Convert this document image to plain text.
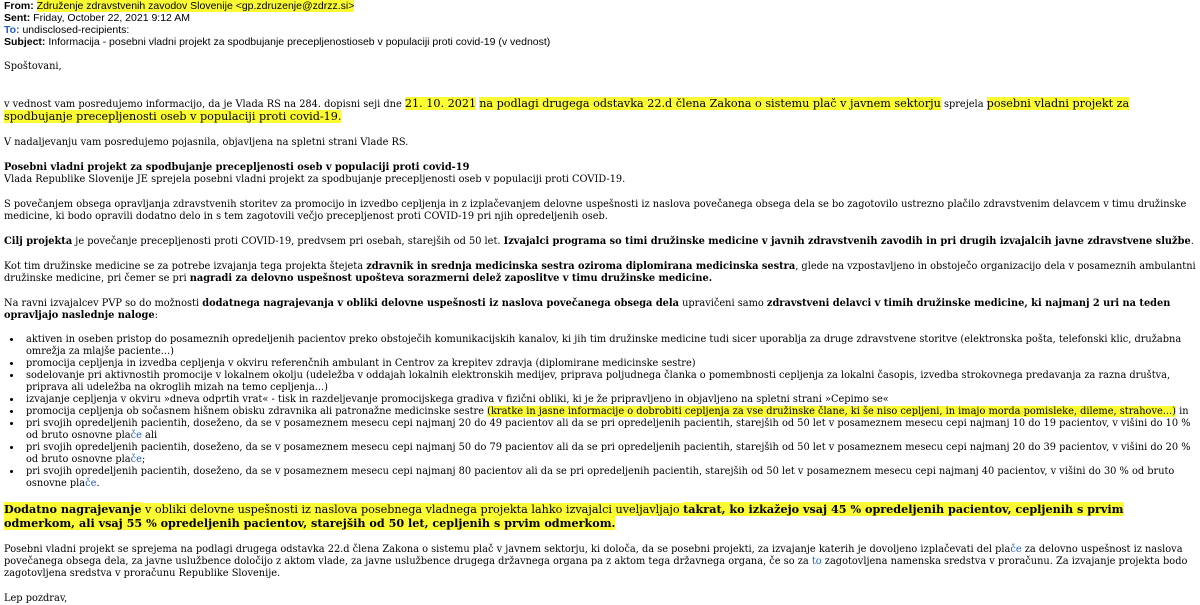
From: Združenje zdravstvenih zavodov Slovenije <gp.zdruzenje@zdrzz.si>
Sent: Friday, October 22, 2021 9:12 AM
To: undisclosed-recipients:
Subject: Informacija - posebni vladni projekt za spodbujanje precepljenostioseb v populaciji proti covid-19 (v vednost)

Spoštovani,

v vednost vam posredujemo informacijo, da je Vlada RS na 284. dopisni seji dne 21. 10. 2021 na podlagi drugega odstavka 22.d člena Zakona o sistemu plač v javnem sektorju sprejela posebni vladni projekt za spodbujanje precepljenosti oseb v populaciji proti covid-19.

V nadaljevanju vam posredujemo pojasnila, objavljena na spletni strani Vlade RS.

Posebni vladni projekt za spodbujanje precepljenosti oseb v populaciji proti covid-19

Vlada Republike Slovenije JE sprejela posebni vladni projekt za spodbujanje precepljenosti oseb v populaciji proti COVID-19.

S povečanjem obsega opravljanja zdravstvenih storitev za promocijo in izvedbo cepljenja in z izplačevanjem delovne uspešnosti iz naslova povečanega obsega dela se bo zagotovilo ustrezno plačilo zdravstvenim delavcem v timu družinske medicine, ki bodo opravili dodatno delo in s tem zagotovili večjo precepljenost proti COVID-19 pri njih opredeljenih oseb.

Cilj projekta je povečanje precepljenosti proti COVID-19, predvsem pri osebah, starejših od 50 let. Izvajalci programa so timi družinske medicine v javnih zdravstvenih zavodih in pri drugih izvajalcih javne zdravstvene službe.

Kot tim družinske medicine se za potrebe izvajanja tega projekta štejeta zdravnik in srednja medicinska sestra oziroma diplomirana medicinska sestra, glede na vzpostavljeno in obstoječo organizacijo dela v posameznih ambulantni družinske medicine, pri čemer se pri nagradi za delovno uspešnost upošteva sorazmerni delež zaposlitve v timu družinske medicine.

Na ravni izvajalcev PVP so do možnosti dodatnega nagrajevanja v obliki delovne uspešnosti iz naslova povečanega obsega dela upravičeni samo zdravstveni delavci v timih družinske medicine, ki najmanj 2 uri na teden opravljajo naslednje naloge:

• aktiven in oseben pristop do posameznih opredeljenih pacientov preko obstoječih komunikacijskih kanalov, ki jih tim družinske medicine tudi sicer uporablja za druge zdravstvene storitve (elektronska pošta, telefonski klic, družabna omrežja za mlajše paciente...)
• promocija cepljenja in izvedba cepljenja v okviru referenčnih ambulant in Centrov za krepitev zdravja (diplomirane medicinske sestre)
• sodelovanje pri aktivnostih promocije v lokalnem okolju (udeležba v oddajah lokalnih elektronskih medijev, priprava poljudnega članka o pomembnosti cepljenja za lokalni časopis, izvedba strokovnega predavanja za razna društva, priprava ali udeležba na okroglih mizah na temo cepljenja...)
• izvajanje cepljenja v okviru »dneva odprtih vrat« - tisk in razdeljevanje promocijskega gradiva v fizični obliki, ki je že pripravljeno in objavljeno na spletni strani »Cepimo se«
• promocija cepljenja ob sočasnem hišnem obisku zdravnika ali patronažne medicinske sestre (kratke in jasne informacije o dobrobiti cepljenja za vse družinske člane, ki še niso cepljeni, in imajo morda pomisleke, dileme, strahove...) in
• pri svojih opredeljenih pacientih, doseženo, da se v posameznem mesecu cepi najmanj 20 do 49 pacientov ali da se pri opredeljenih pacientih, starejših od 50 let v posameznem mesecu cepi najmanj 10 do 19 pacientov, v višini do 10 % od bruto osnovne plače ali
• pri svojih opredeljenih pacientih, doseženo, da se v posameznem mesecu cepi najmanj 50 do 79 pacientov ali da se pri opredeljenih pacientih, starejših od 50 let v posameznem mesecu cepi najmanj 20 do 39 pacientov, v višini do 20 % od bruto osnovne plače;
• pri svojih opredeljenih pacientih, doseženo, da se v posameznem mesecu cepi najmanj 80 pacientov ali da se pri opredeljenih pacientih, starejših od 50 let v posameznem mesecu cepi najmanj 40 pacientov, v višini do 30 % od bruto osnovne plače.

Dodatno nagrajevanje v obliki delovne uspešnosti iz naslova posebnega vladnega projekta lahko izvajalci uveljavljajo takrat, ko izkažejo vsaj 45 % opredeljenih pacientov, cepljenih s prvim odmerkom, ali vsaj 55 % opredeljenih pacientov, starejših od 50 let, cepljenih s prvim odmerkom.

Posebni vladni projekt se sprejema na podlagi drugega odstavka 22.d člena Zakona o sistemu plač v javnem sektorju, ki določa, da se posebni projekti, za izvajanje katerih je dovoljeno izplačevati del plače za delovno uspešnost iz naslova povečanega obsega dela, za javne uslužbence določijo z aktom vlade, za javne uslužbence drugega državnega organa pa z aktom tega državnega organa, če so za to zagotovljena namenska sredstva v proračunu. Za izvajanje projekta bodo zagotovljena sredstva v proračunu Republike Slovenije.

Lep pozdrav,
